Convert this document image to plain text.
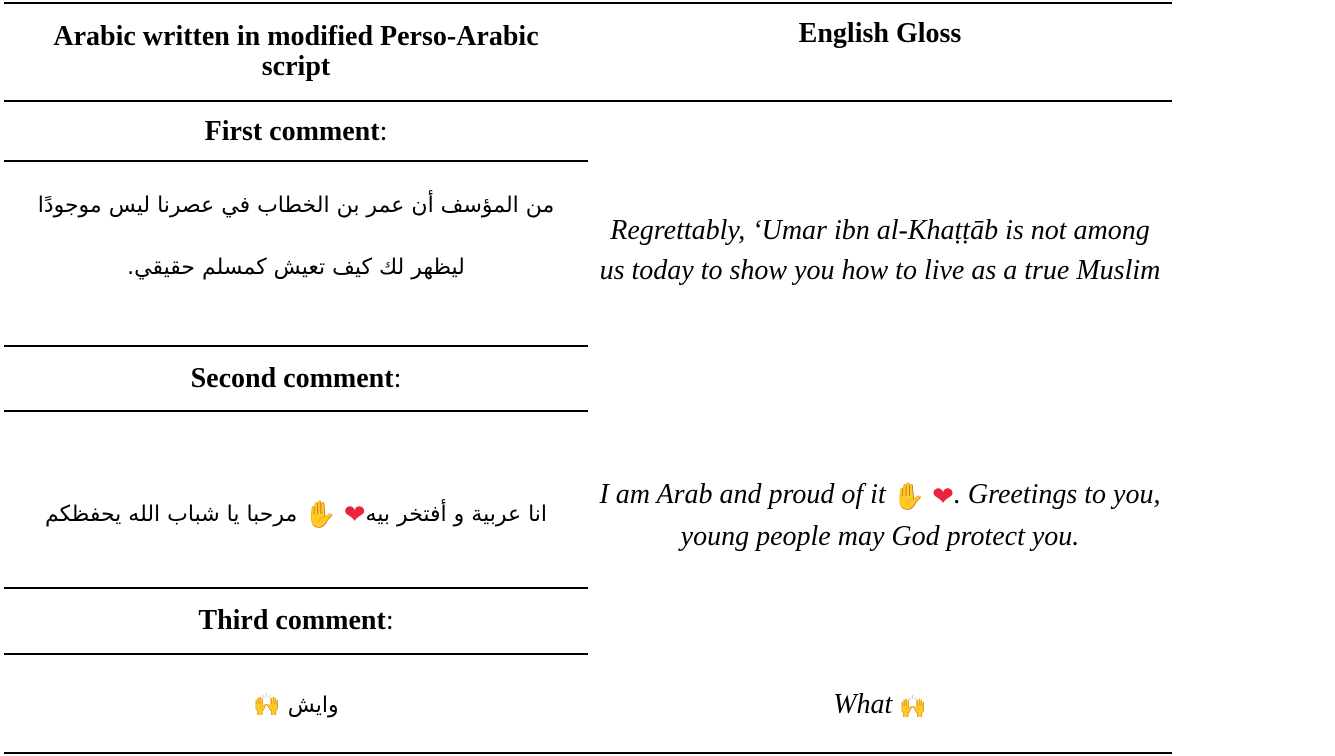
Arabic written in modified Perso-Arabic script
English Gloss
First comment:
من المؤسف أن عمر بن الخطاب في عصرنا ليس موجودًا
ليظهر لك كيف تعيش كمسلم حقيقي.
Regrettably, ‘Umar ibn al-Khaṭṭāb is not among us today to show you how to live as a true Muslim
Second comment:
انا عربية و أفتخر بيه❤ ✋ مرحبا يا شباب الله يحفظكم
I am Arab and proud of it ✋ ❤. Greetings to you, young people may God protect you.
Third comment:
وايش 🙌	What 🙌
